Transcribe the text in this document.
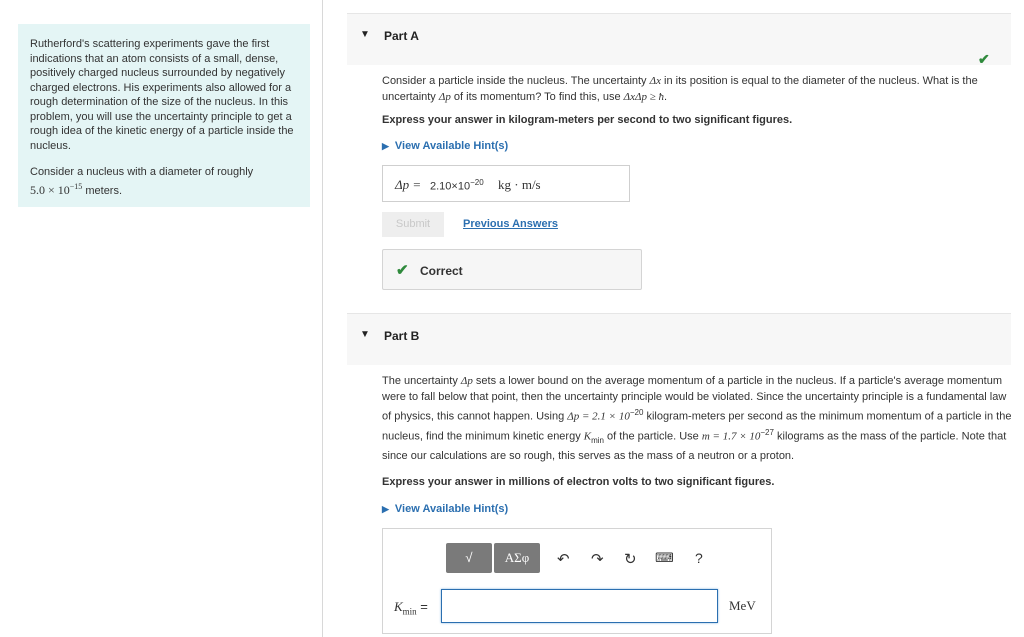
Rutherford's scattering experiments gave the first indications that an atom consists of a small, dense, positively charged nucleus surrounded by negatively charged electrons. His experiments also allowed for a rough determination of the size of the nucleus. In this problem, you will use the uncertainty principle to get a rough idea of the kinetic energy of a particle inside the nucleus.

Consider a nucleus with a diameter of roughly
$5.0 \times 10^{-15}$ meters.

▼ Part A
✔
Consider a particle inside the nucleus. The uncertainty Δx in its position is equal to the diameter of the nucleus. What is the uncertainty Δp of its momentum? To find this, use ΔxΔp ≥ ħ.
Express your answer in kilogram-meters per second to two significant figures.
▶ View Available Hint(s)
$\Delta p = 2.10\times 10^{-20}$ kg · m/s
Submit	Previous Answers
✔ Correct
▼ Part B
The uncertainty Δp sets a lower bound on the average momentum of a particle in the nucleus. If a particle's average momentum were to fall below that point, then the uncertainty principle would be violated. Since the uncertainty principle is a fundamental law of physics, this cannot happen. Using $\Delta p = 2.1 \times 10^{-20}$ kilogram-meters per second as the minimum momentum of a particle in the nucleus, find the minimum kinetic energy $K_{min}$ of the particle. Use $m = 1.7 \times 10^{-27}$ kilograms as the mass of the particle. Note that since our calculations are so rough, this serves as the mass of a neutron or a proton.
Express your answer in millions of electron volts to two significant figures.
▶ View Available Hint(s)
√	ΑΣφ	↶ ↷ ↻ ⌨ ?
$K_{min}$ =	MeV
